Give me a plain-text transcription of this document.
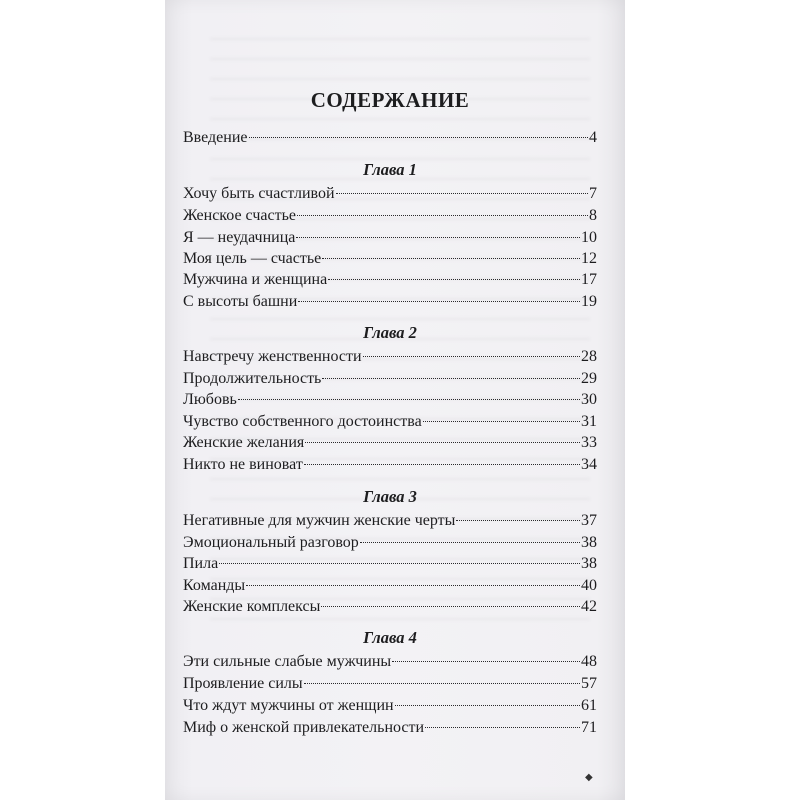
СОДЕРЖАНИЕ
Введение	4
Глава 1
Хочу быть счастливой	7
Женское счастье	8
Я — неудачница	10
Моя цель — счастье	12
Мужчина и женщина	17
С высоты башни	19
Глава 2
Навстречу женственности	28
Продолжительность	29
Любовь	30
Чувство собственного достоинства	31
Женские желания	33
Никто не виноват	34
Глава 3
Негативные для мужчин женские черты	37
Эмоциональный разговор	38
Пила	38
Команды	40
Женские комплексы	42
Глава 4
Эти сильные слабые мужчины	48
Проявление силы	57
Что ждут мужчины от женщин	61
Миф о женской привлекательности	71
◆
